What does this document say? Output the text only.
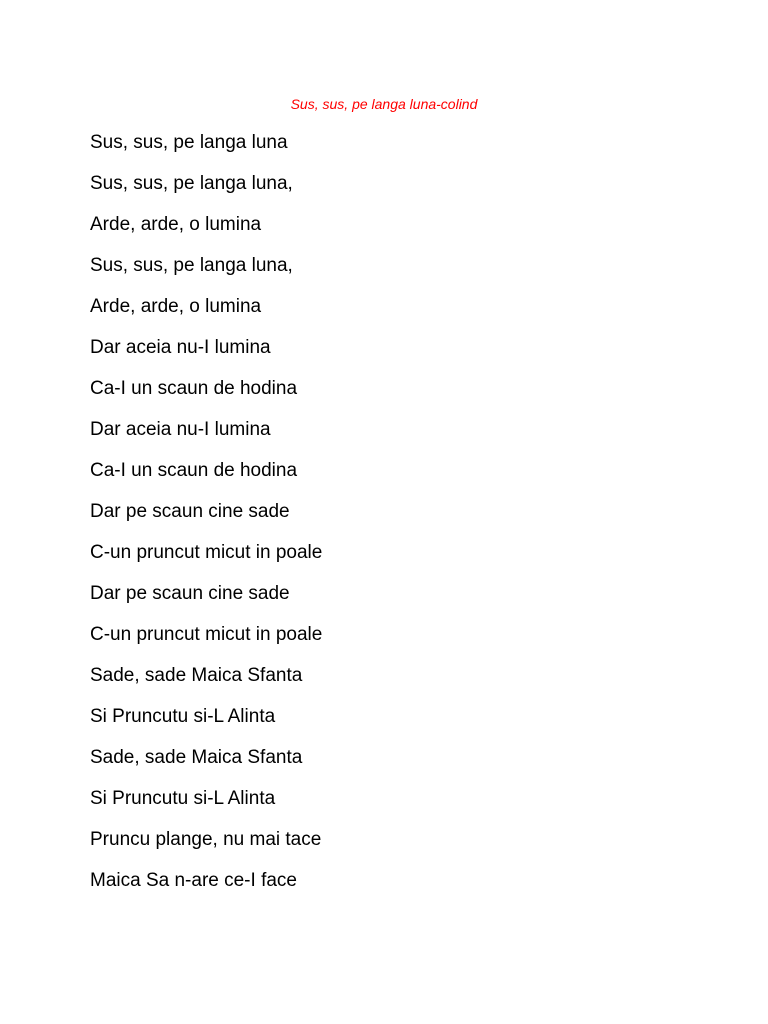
Sus, sus, pe langa luna-colind
Sus, sus, pe langa luna
Sus, sus, pe langa luna,
Arde, arde, o lumina
Sus, sus, pe langa luna,
Arde, arde, o lumina
Dar aceia nu-I lumina
Ca-I un scaun de hodina
Dar aceia nu-I lumina
Ca-I un scaun de hodina
Dar pe scaun cine sade
C-un pruncut micut in poale
Dar pe scaun cine sade
C-un pruncut micut in poale
Sade, sade Maica Sfanta
Si Pruncutu si-L Alinta
Sade, sade Maica Sfanta
Si Pruncutu si-L Alinta
Pruncu plange, nu mai tace
Maica Sa n-are ce-I face
